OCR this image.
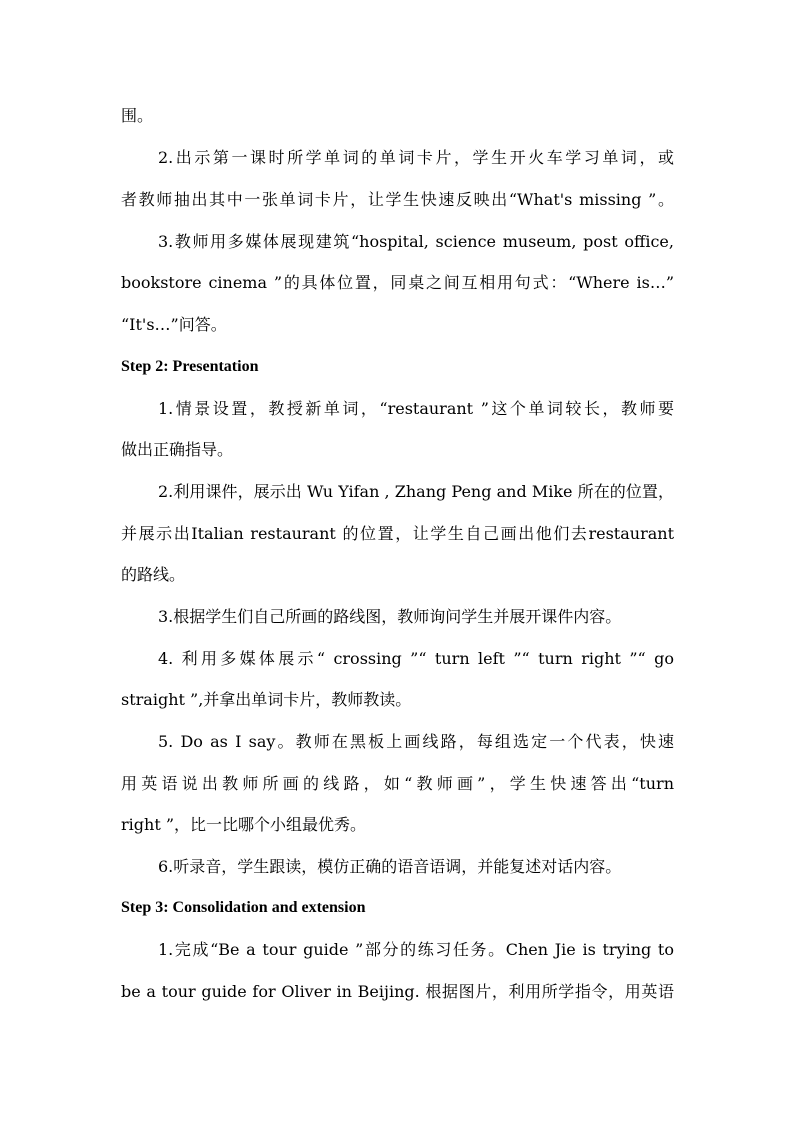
围。
2.出示第一课时所学单词的单词卡片，学生开火车学习单词，或
者教师抽出其中一张单词卡片，让学生快速反映出“What's missing ”。
3.教师用多媒体展现建筑“hospital, science museum, post office,
bookstore cinema ”的具体位置，同桌之间互相用句式：“Where is…”
“It's…”问答。
Step 2: Presentation
1.情景设置，教授新单词，“restaurant ”这个单词较长，教师要
做出正确指导。
2.利用课件，展示出 Wu Yifan , Zhang Peng and Mike 所在的位置，
并展示出Italian restaurant 的位置，让学生自己画出他们去restaurant
的路线。
3.根据学生们自己所画的路线图，教师询问学生并展开课件内容。
4. 利用多媒体展示“ crossing ”“ turn left ”“ turn right ”“ go
straight ”,并拿出单词卡片，教师教读。
5. Do as I say。教师在黑板上画线路，每组选定一个代表，快速
用英语说出教师所画的线路，如“教师画”，学生快速答出“turn
right ”，比一比哪个小组最优秀。
6.听录音，学生跟读，模仿正确的语音语调，并能复述对话内容。
Step 3: Consolidation and extension
1.完成“Be a tour guide ”部分的练习任务。Chen Jie is trying to
be a tour guide for Oliver in Beijing. 根据图片，利用所学指令，用英语
